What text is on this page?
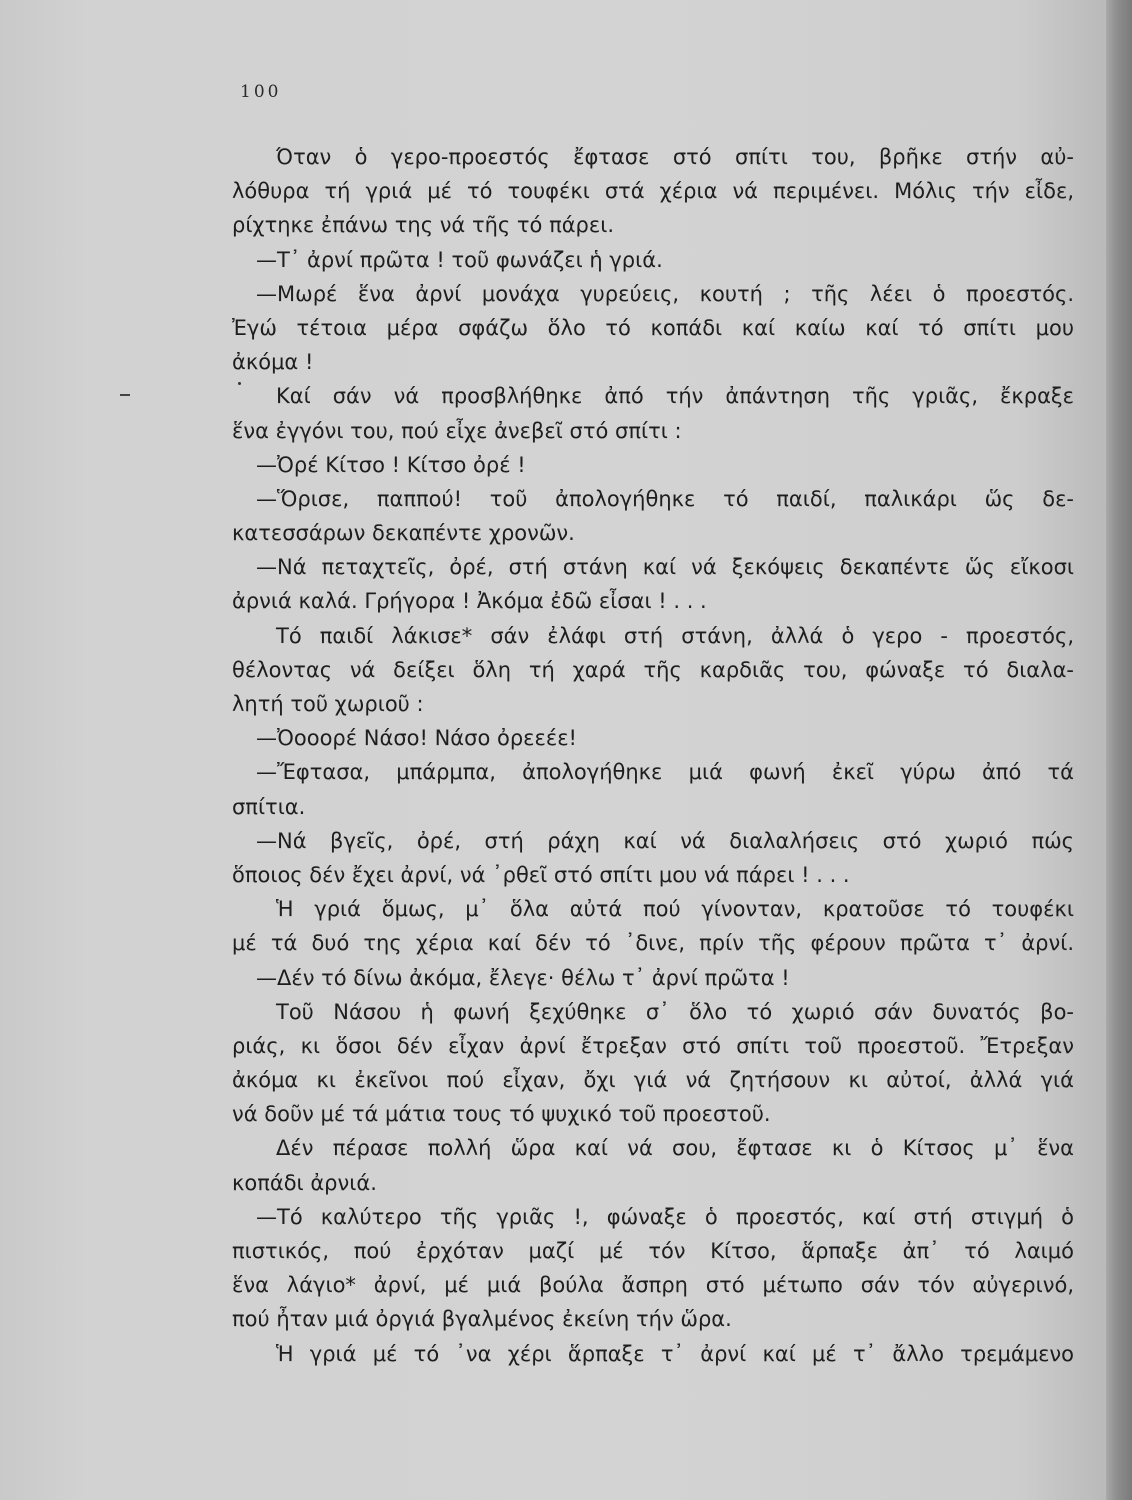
100
Όταν ὁ γερο-προεστός ἔφτασε στό σπίτι του, βρῆκε στήν αὐ-
λόθυρα τή γριά μέ τό τουφέκι στά χέρια νά περιμένει. Μόλις τήν εἶδε,
ρίχτηκε ἐπάνω της νά τῆς τό πάρει.
—Τ᾿ ἀρνί πρῶτα ! τοῦ φωνάζει ἡ γριά.
—Μωρέ ἕνα ἀρνί μονάχα γυρεύεις, κουτή ; τῆς λέει ὁ προεστός.
Ἐγώ τέτοια μέρα σφάζω ὅλο τό κοπάδι καί καίω καί τό σπίτι μου
ἀκόμα !
Καί σάν νά προσβλήθηκε ἀπό τήν ἀπάντηση τῆς γριᾶς, ἔκραξε
ἕνα ἐγγόνι του, πού εἶχε ἀνεβεῖ στό σπίτι :
—Ὀρέ Κίτσο ! Κίτσο ὀρέ !
—Ὅρισε, παππού! τοῦ ἀπολογήθηκε τό παιδί, παλικάρι ὥς δε-
κατεσσάρων δεκαπέντε χρονῶν.
—Νά πεταχτεῖς, ὀρέ, στή στάνη καί νά ξεκόψεις δεκαπέντε ὥς εἴκοσι
ἀρνιά καλά. Γρήγορα ! Ἀκόμα ἐδῶ εἶσαι ! . . .
Τό παιδί λάκισε* σάν ἐλάφι στή στάνη, ἀλλά ὁ γερο - προεστός,
θέλοντας νά δείξει ὅλη τή χαρά τῆς καρδιᾶς του, φώναξε τό διαλα-
λητή τοῦ χωριοῦ :
—Ὀοοορέ Νάσο! Νάσο ὀρεεέε!
—Ἔφτασα, μπάρμπα, ἀπολογήθηκε μιά φωνή ἐκεῖ γύρω ἀπό τά
σπίτια.
—Νά βγεῖς, ὀρέ, στή ράχη καί νά διαλαλήσεις στό χωριό πώς
ὅποιος δέν ἔχει ἀρνί, νά ᾿ρθεῖ στό σπίτι μου νά πάρει ! . . .
Ἡ γριά ὅμως, μ᾿ ὅλα αὐτά πού γίνονταν, κρατοῦσε τό τουφέκι
μέ τά δυό της χέρια καί δέν τό ᾿δινε, πρίν τῆς φέρουν πρῶτα τ᾿ ἀρνί.
—Δέν τό δίνω ἀκόμα, ἔλεγε· θέλω τ᾿ ἀρνί πρῶτα !
Τοῦ Νάσου ἡ φωνή ξεχύθηκε σ᾿ ὅλο τό χωριό σάν δυνατός βο-
ριάς, κι ὅσοι δέν εἶχαν ἀρνί ἔτρεξαν στό σπίτι τοῦ προεστοῦ. Ἔτρεξαν
ἀκόμα κι ἐκεῖνοι πού εἶχαν, ὄχι γιά νά ζητήσουν κι αὐτοί, ἀλλά γιά
νά δοῦν μέ τά μάτια τους τό ψυχικό τοῦ προεστοῦ.
Δέν πέρασε πολλή ὥρα καί νά σου, ἔφτασε κι ὁ Κίτσος μ᾿ ἕνα
κοπάδι ἀρνιά.
—Τό καλύτερο τῆς γριᾶς !, φώναξε ὁ προεστός, καί στή στιγμή ὁ
πιστικός, πού ἐρχόταν μαζί μέ τόν Κίτσο, ἅρπαξε ἀπ᾿ τό λαιμό
ἕνα λάγιο* ἀρνί, μέ μιά βούλα ἄσπρη στό μέτωπο σάν τόν αὐγερινό,
πού ἦταν μιά ὀργιά βγαλμένος ἐκείνη τήν ὥρα.
Ἡ γριά μέ τό ᾿να χέρι ἅρπαξε τ᾿ ἀρνί καί μέ τ᾿ ἄλλο τρεμάμενο
